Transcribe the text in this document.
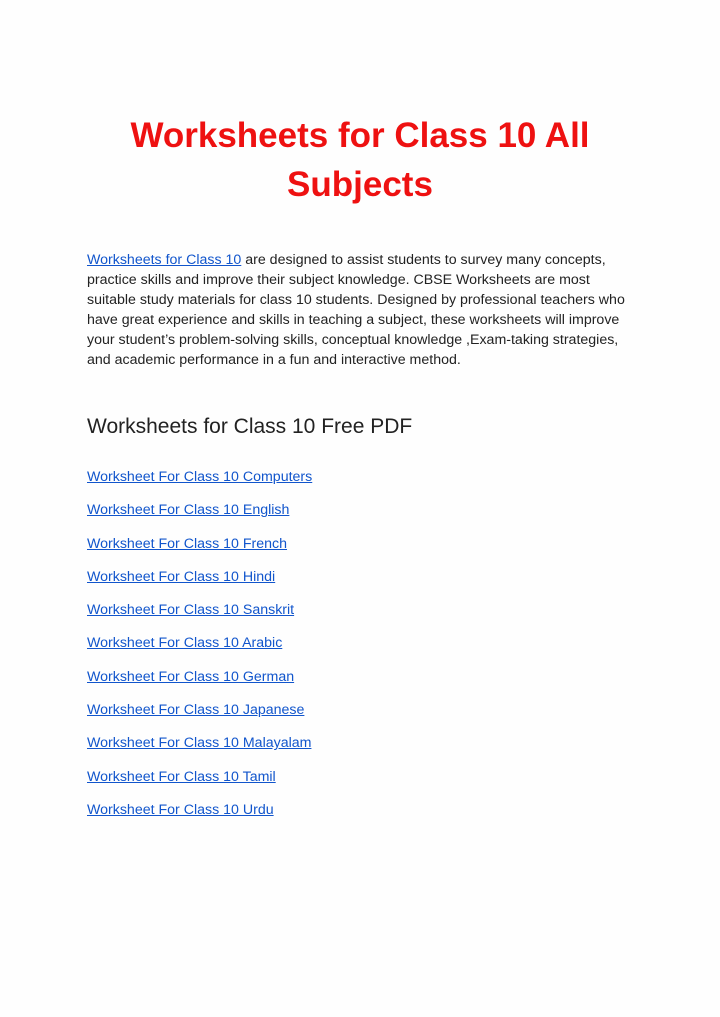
Worksheets for Class 10 All Subjects

Worksheets for Class 10 are designed to assist students to survey many concepts, practice skills and improve their subject knowledge. CBSE Worksheets are most suitable study materials for class 10 students. Designed by professional teachers who have great experience and skills in teaching a subject, these worksheets will improve your student’s problem-solving skills, conceptual knowledge ,Exam-taking strategies, and academic performance in a fun and interactive method.

Worksheets for Class 10 Free PDF
Worksheet For Class 10 Computers
Worksheet For Class 10 English
Worksheet For Class 10 French
Worksheet For Class 10 Hindi
Worksheet For Class 10 Sanskrit
Worksheet For Class 10 Arabic
Worksheet For Class 10 German
Worksheet For Class 10 Japanese
Worksheet For Class 10 Malayalam
Worksheet For Class 10 Tamil
Worksheet For Class 10 Urdu
